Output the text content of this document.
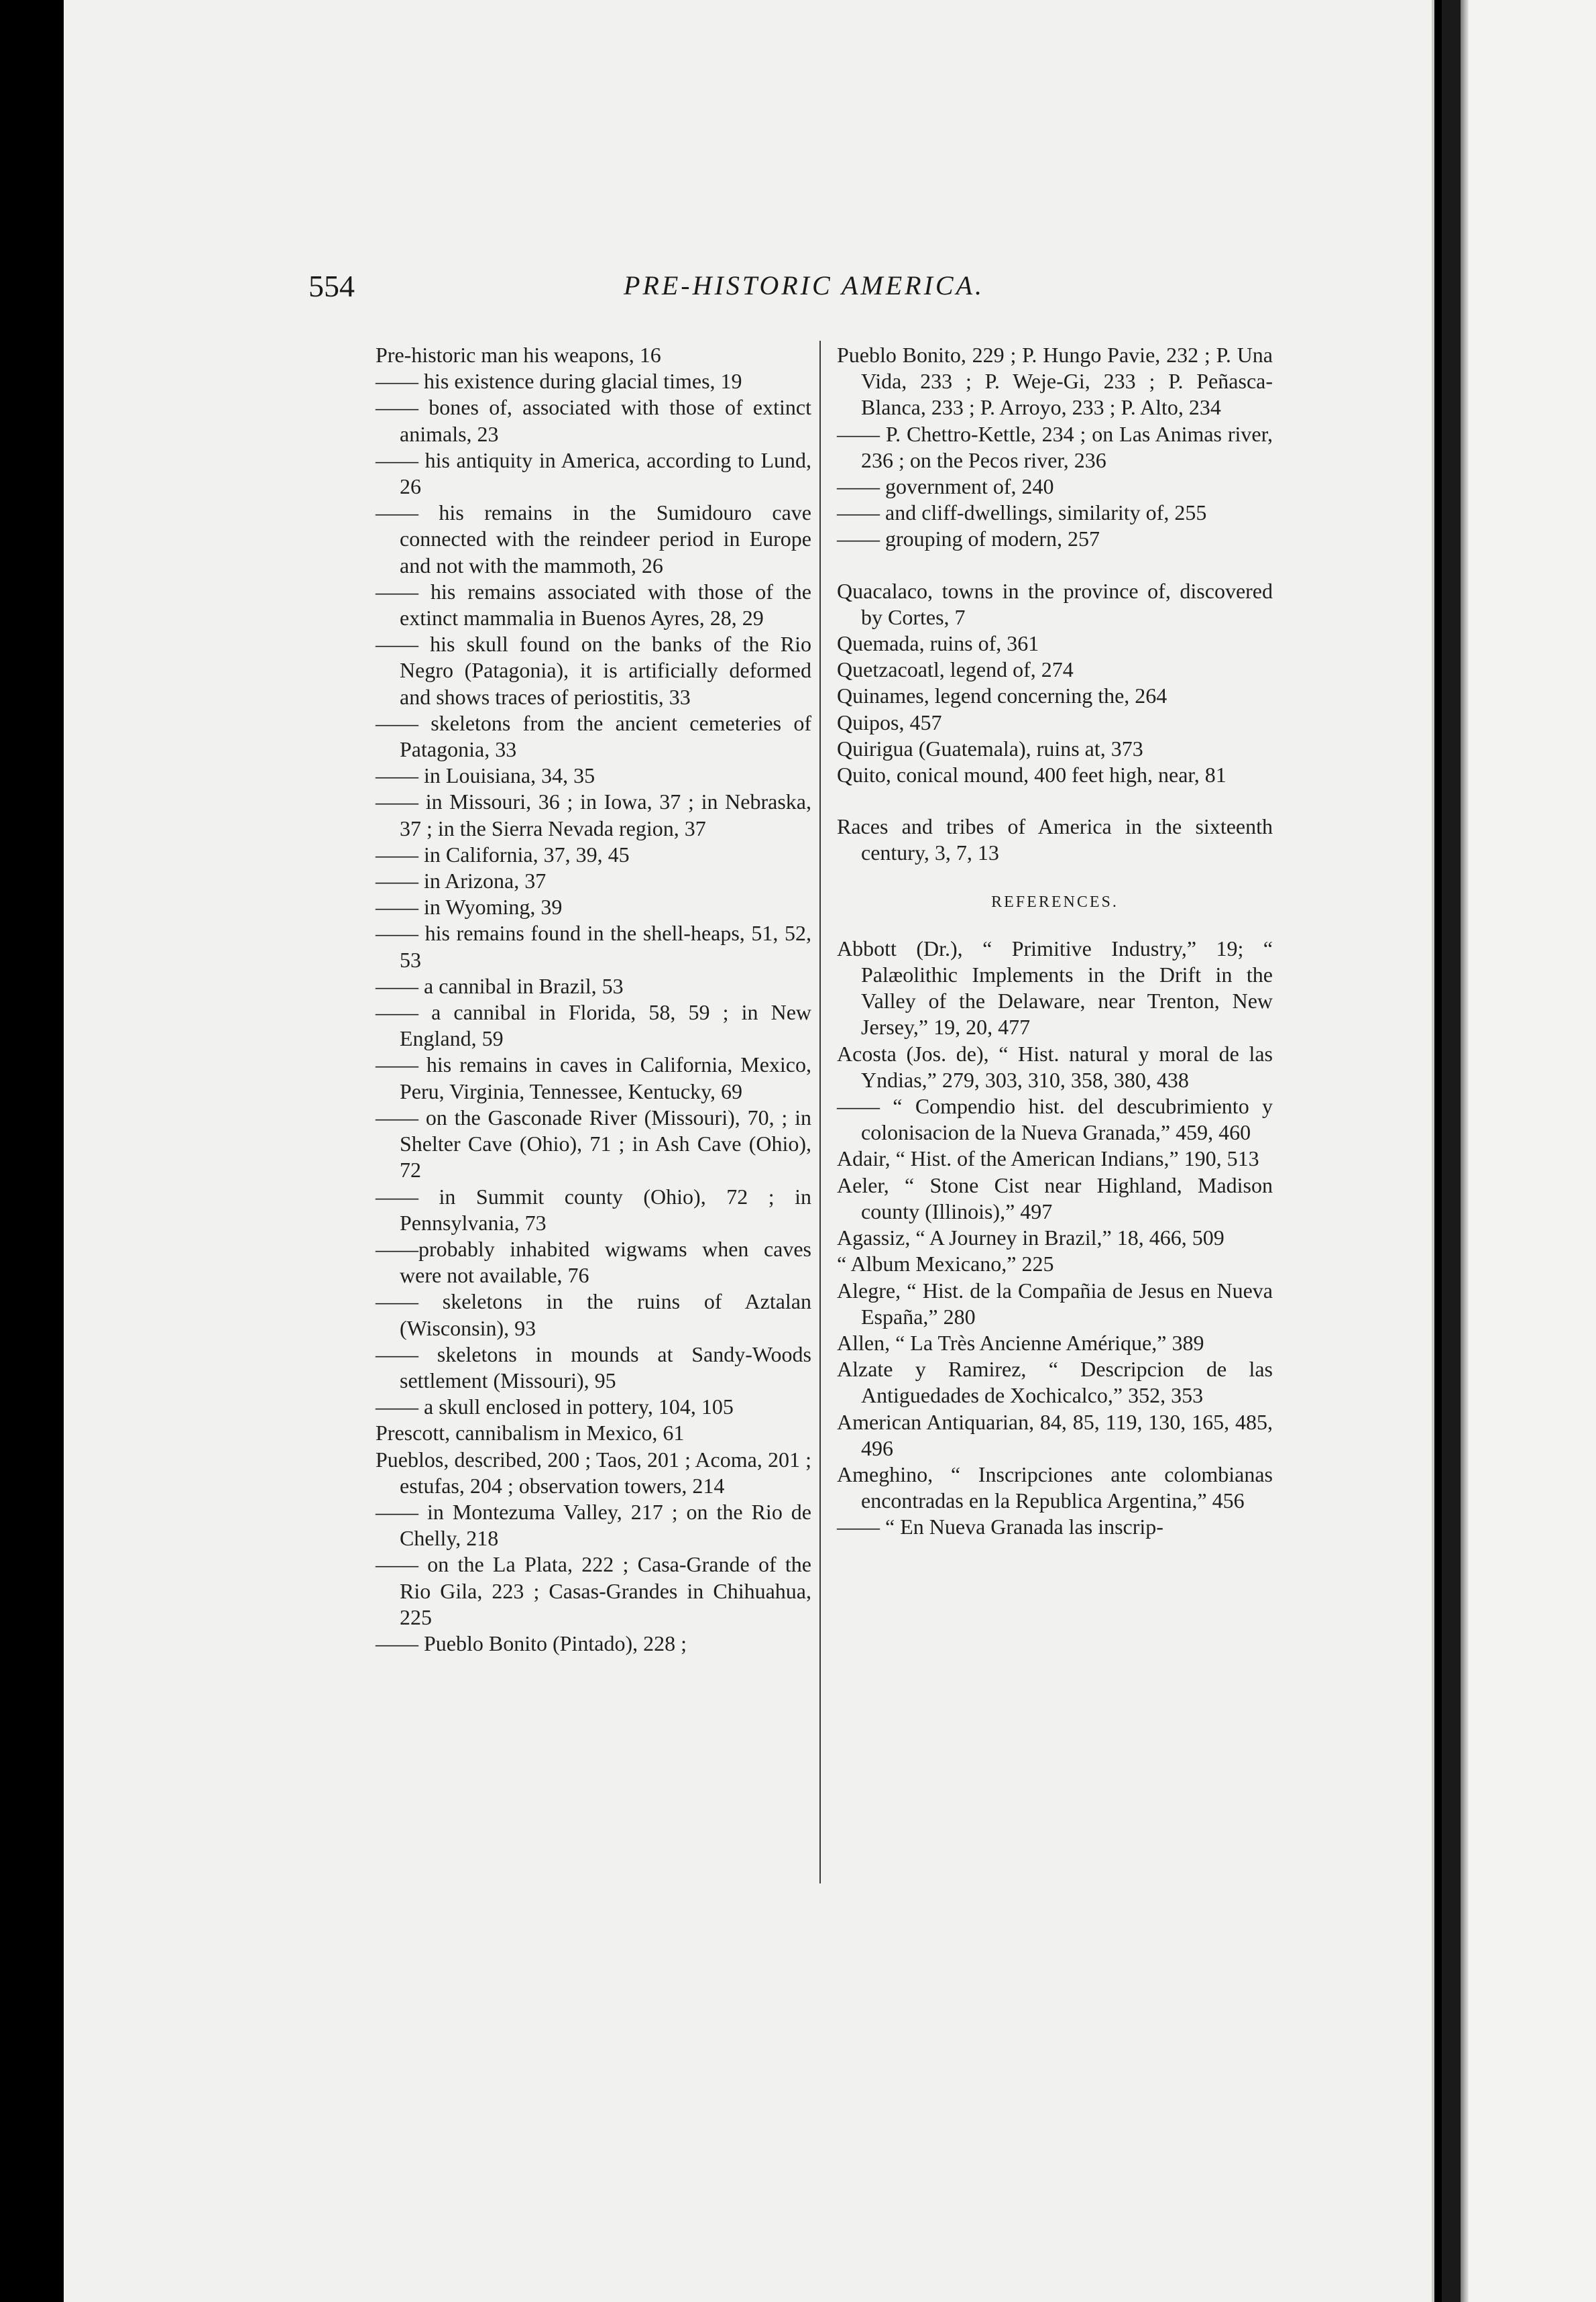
554	PRE-HISTORIC AMERICA.

Pre-historic man his weapons, 16

—— his existence during glacial times, 19

—— bones of, associated with those of extinct animals, 23

—— his antiquity in America, according to Lund, 26

—— his remains in the Sumidouro cave connected with the reindeer period in Europe and not with the mammoth, 26

—— his remains associated with those of the extinct mammalia in Buenos Ayres, 28, 29

—— his skull found on the banks of the Rio Negro (Patagonia), it is artificially deformed and shows traces of periostitis, 33

—— skeletons from the ancient cemeteries of Patagonia, 33

—— in Louisiana, 34, 35

—— in Missouri, 36 ; in Iowa, 37 ; in Nebraska, 37 ; in the Sierra Nevada region, 37

—— in California, 37, 39, 45

—— in Arizona, 37

—— in Wyoming, 39

—— his remains found in the shell-heaps, 51, 52, 53

—— a cannibal in Brazil, 53

—— a cannibal in Florida, 58, 59 ; in New England, 59

—— his remains in caves in California, Mexico, Peru, Virginia, Tennessee, Kentucky, 69

—— on the Gasconade River (Missouri), 70, ; in Shelter Cave (Ohio), 71 ; in Ash Cave (Ohio), 72

—— in Summit county (Ohio), 72 ; in Pennsylvania, 73

——probably inhabited wigwams when caves were not available, 76

—— skeletons in the ruins of Aztalan (Wisconsin), 93

—— skeletons in mounds at Sandy-Woods settlement (Missouri), 95

—— a skull enclosed in pottery, 104, 105

Prescott, cannibalism in Mexico, 61

Pueblos, described, 200 ; Taos, 201 ; Acoma, 201 ; estufas, 204 ; observation towers, 214

—— in Montezuma Valley, 217 ; on the Rio de Chelly, 218

—— on the La Plata, 222 ; Casa-Grande of the Rio Gila, 223 ; Casas-Grandes in Chihuahua, 225

—— Pueblo Bonito (Pintado), 228 ;

Pueblo Bonito, 229 ; P. Hungo Pavie, 232 ; P. Una Vida, 233 ; P. Weje-Gi, 233 ; P. Peñasca-Blanca, 233 ; P. Arroyo, 233 ; P. Alto, 234

—— P. Chettro-Kettle, 234 ; on Las Animas river, 236 ; on the Pecos river, 236

—— government of, 240

—— and cliff-dwellings, similarity of, 255

—— grouping of modern, 257

Quacalaco, towns in the province of, discovered by Cortes, 7

Quemada, ruins of, 361

Quetzacoatl, legend of, 274

Quinames, legend concerning the, 264

Quipos, 457

Quirigua (Guatemala), ruins at, 373

Quito, conical mound, 400 feet high, near, 81

Races and tribes of America in the sixteenth century, 3, 7, 13

REFERENCES.

Abbott (Dr.), “ Primitive Industry,” 19; “ Palæolithic Implements in the Drift in the Valley of the Delaware, near Trenton, New Jersey,” 19, 20, 477

Acosta (Jos. de), “ Hist. natural y moral de las Yndias,” 279, 303, 310, 358, 380, 438

—— “ Compendio hist. del descubrimiento y colonisacion de la Nueva Granada,” 459, 460

Adair, “ Hist. of the American Indians,” 190, 513

Aeler, “ Stone Cist near Highland, Madison county (Illinois),” 497

Agassiz, “ A Journey in Brazil,” 18, 466, 509

“ Album Mexicano,” 225

Alegre, “ Hist. de la Compañia de Jesus en Nueva España,” 280

Allen, “ La Très Ancienne Amérique,” 389

Alzate y Ramirez, “ Descripcion de las Antiguedades de Xochicalco,” 352, 353

American Antiquarian, 84, 85, 119, 130, 165, 485, 496

Ameghino, “ Inscripciones ante colombianas encontradas en la Republica Argentina,” 456

—— “ En Nueva Granada las inscrip-
